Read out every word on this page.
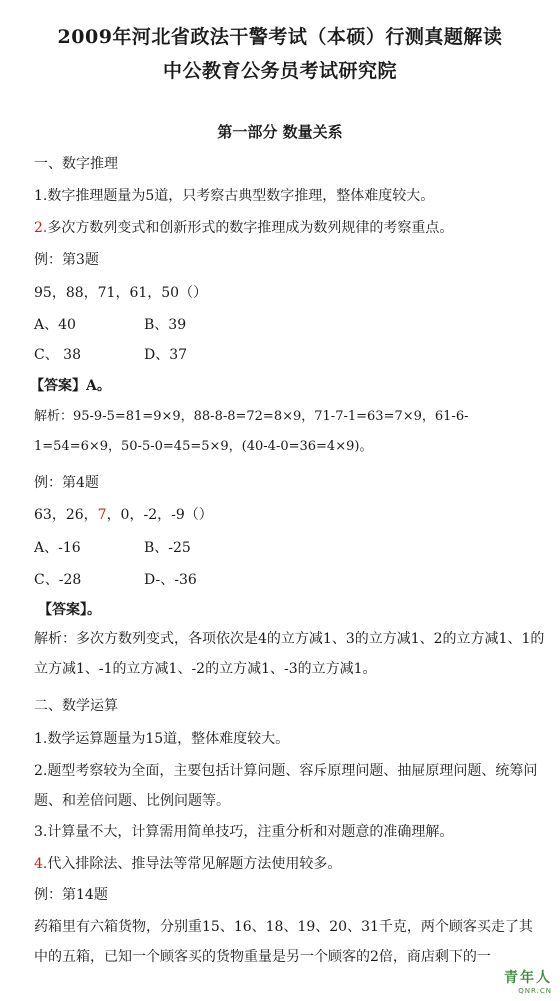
2009年河北省政法干警考试（本硕）行测真题解读
中公教育公务员考试研究院
第一部分 数量关系
一、数字推理
1.数字推理题量为5道，只考察古典型数字推理，整体难度较大。
2.多次方数列变式和创新形式的数字推理成为数列规律的考察重点。
例：第3题
95，88，71，61，50（）
A、40	B、39
C、 38	D、37
【答案】A。
解析：95-9-5=81=9×9，88-8-8=72=8×9，71-7-1=63=7×9，61-6-1=54=6×9，50-5-0=45=5×9，(40-4-0=36=4×9)。
例：第4题
63，26，7，0，-2，-9（）
A、-16	B、-25
C、-28	D-、-36
【答案】。
解析：多次方数列变式，各项依次是4的立方减1、3的立方减1、2的立方减1、1的立方减1、-1的立方减1、-2的立方减1、-3的立方减1。
二、数学运算
1.数学运算题量为15道，整体难度较大。
2.题型考察较为全面，主要包括计算问题、容斥原理问题、抽屉原理问题、统筹问题、和差倍问题、比例问题等。
3.计算量不大，计算需用简单技巧，注重分析和对题意的准确理解。
4.代入排除法、推导法等常见解题方法使用较多。
例：第14题
药箱里有六箱货物，分别重15、16、18、19、20、31千克，两个顾客买走了其中的五箱，已知一个顾客买的货物重量是另一个顾客的2倍，商店剩下的一
青年人
QNR.CN
